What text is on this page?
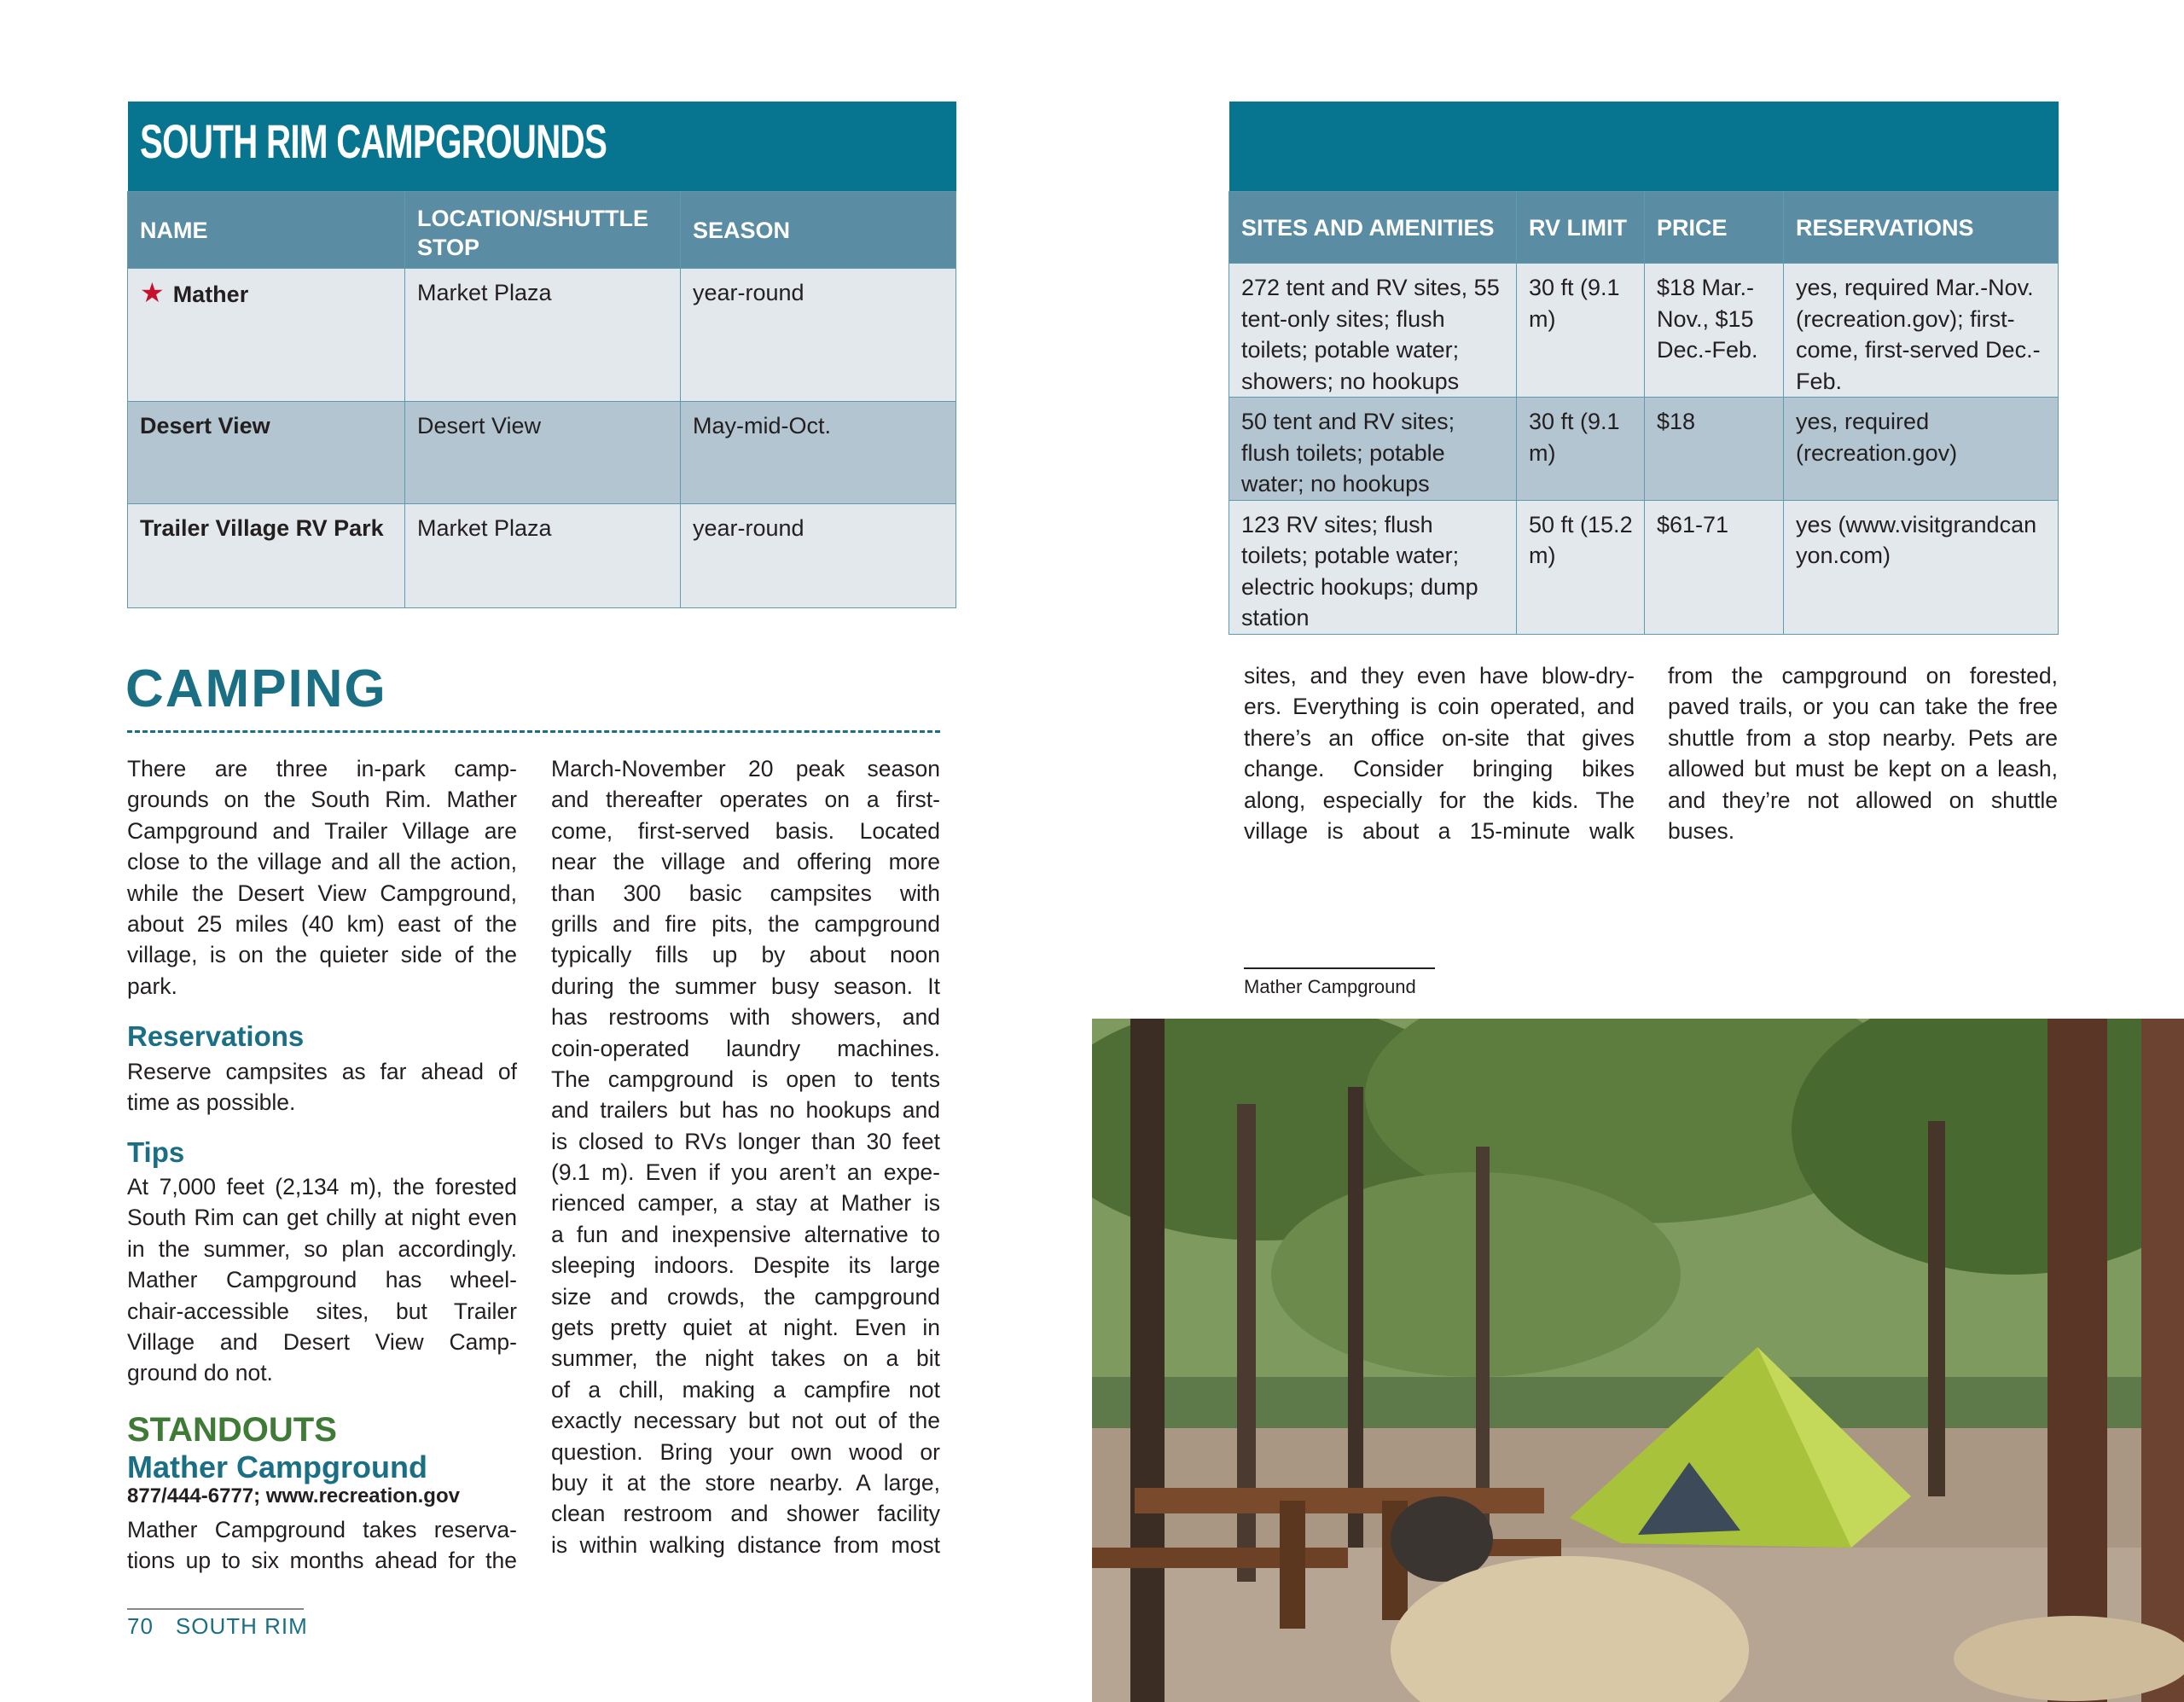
SOUTH RIM CAMPGROUNDS		
NAME	LOCATION/SHUTTLE STOP	SEASON
★ Mather	Market Plaza	year-round
Desert View	Desert View	May-mid-Oct.
Trailer Village RV Park	Market Plaza	year-round

SITES AND AMENITIES	RV LIMIT	PRICE	RESERVATIONS
272 tent and RV sites, 55 tent-only sites; flush toilets; potable water; showers; no hookups	30 ft (9.1 m)	$18 Mar.-Nov., $15 Dec.-Feb.	yes, required Mar.-Nov. (recreation.gov); first-come, first-served Dec.-Feb.
50 tent and RV sites; flush toilets; potable water; no hookups	30 ft (9.1 m)	$18	yes, required (recreation.gov)
123 RV sites; flush toilets; potable water; electric hookups; dump station	50 ft (15.2 m)	$61-71	yes (www.visitgrandcanyon.com)
CAMPING
There are three in-park camp-
grounds on the South Rim. Mather
Campground and Trailer Village are
close to the village and all the action,
while the Desert View Campground,
about 25 miles (40 km) east of the
village, is on the quieter side of the
park.
Reservations
Reserve campsites as far ahead of
time as possible.
Tips
At 7,000 feet (2,134 m), the forested
South Rim can get chilly at night even
in the summer, so plan accordingly.
Mather Campground has wheel-
chair-accessible sites, but Trailer
Village and Desert View Camp-
ground do not.
STANDOUTS
Mather Campground
877/444-6777; www.recreation.gov
Mather Campground takes reserva-
tions up to six months ahead for the
March-November 20 peak season
and thereafter operates on a first-
come, first-served basis. Located
near the village and offering more
than 300 basic campsites with
grills and fire pits, the campground
typically fills up by about noon
during the summer busy season. It
has restrooms with showers, and
coin-operated laundry machines.
The campground is open to tents
and trailers but has no hookups and
is closed to RVs longer than 30 feet
(9.1 m). Even if you aren’t an expe-
rienced camper, a stay at Mather is
a fun and inexpensive alternative to
sleeping indoors. Despite its large
size and crowds, the campground
gets pretty quiet at night. Even in
summer, the night takes on a bit
of a chill, making a campfire not
exactly necessary but not out of the
question. Bring your own wood or
buy it at the store nearby. A large,
clean restroom and shower facility
is within walking distance from most
sites, and they even have blow-dry-
ers. Everything is coin operated, and
there’s an office on-site that gives
change. Consider bringing bikes
along, especially for the kids. The
village is about a 15-minute walk
from the campground on forested,
paved trails, or you can take the free
shuttle from a stop nearby. Pets are
allowed but must be kept on a leash,
and they’re not allowed on shuttle
buses.
Mather Campground
70 SOUTH RIM
